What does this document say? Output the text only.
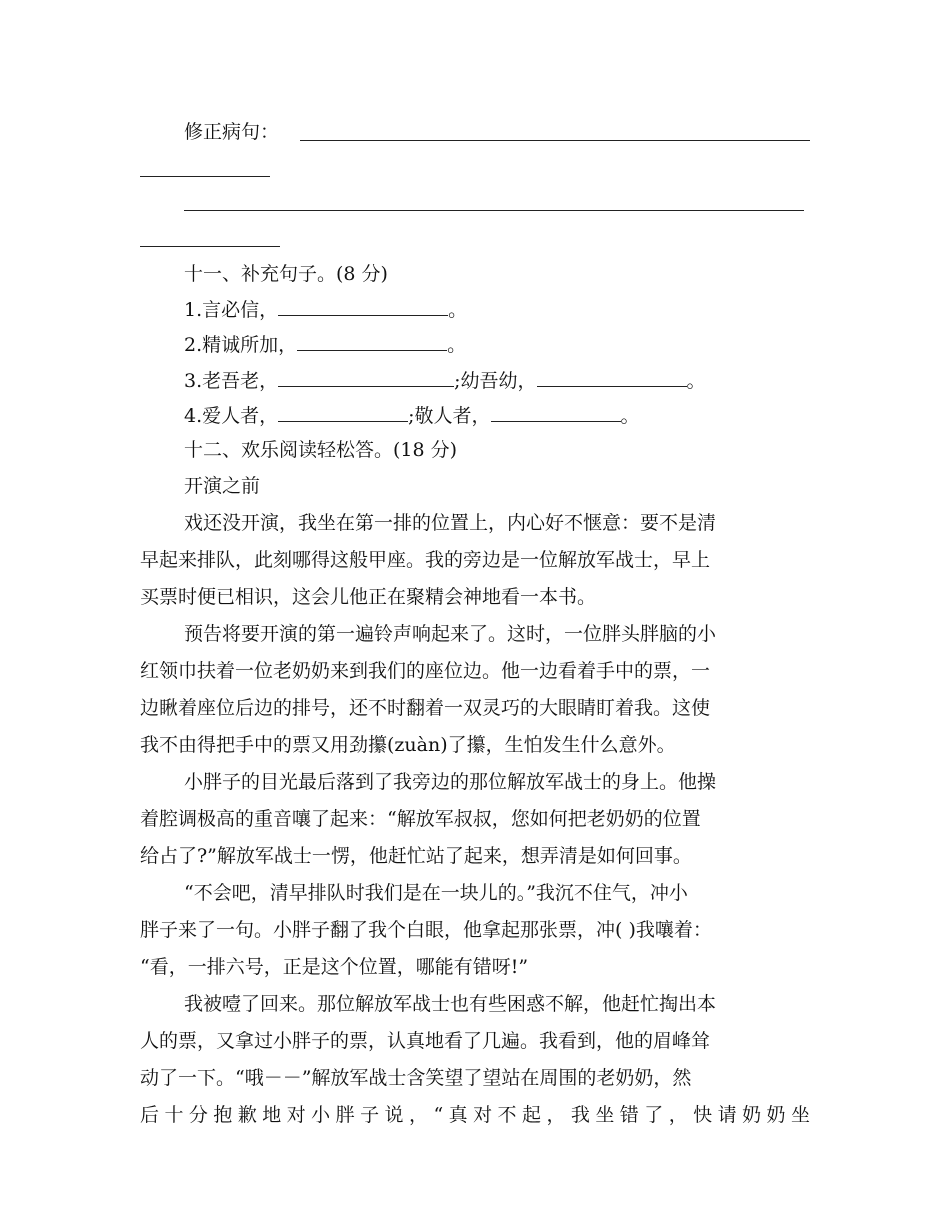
修正病句：
十一、补充句子。(8 分)
1.言必信，	。
2.精诚所加，	。
3.老吾老，	;幼吾幼，	。
4.爱人者，	;敬人者，	。
十二、欢乐阅读轻松答。(18 分)
开演之前
戏还没开演，我坐在第一排的位置上，内心好不惬意：要不是清
早起来排队，此刻哪得这般甲座。我的旁边是一位解放军战士，早上
买票时便已相识，这会儿他正在聚精会神地看一本书。
预告将要开演的第一遍铃声响起来了。这时，一位胖头胖脑的小
红领巾扶着一位老奶奶来到我们的座位边。他一边看着手中的票，一
边瞅着座位后边的排号，还不时翻着一双灵巧的大眼睛盯着我。这使
我不由得把手中的票又用劲攥(zuàn)了攥，生怕发生什么意外。
小胖子的目光最后落到了我旁边的那位解放军战士的身上。他操
着腔调极高的重音嚷了起来：“解放军叔叔，您如何把老奶奶的位置
给占了?”解放军战士一愣，他赶忙站了起来，想弄清是如何回事。
“不会吧，清早排队时我们是在一块儿的。”我沉不住气，冲小
胖子来了一句。小胖子翻了我个白眼，他拿起那张票，冲( )我嚷着：
“看，一排六号，正是这个位置，哪能有错呀!”
我被噎了回来。那位解放军战士也有些困惑不解，他赶忙掏出本
人的票，又拿过小胖子的票，认真地看了几遍。我看到，他的眉峰耸
动了一下。“哦－－”解放军战士含笑望了望站在周围的老奶奶，然
后十分抱歉地对小胖子说，“真对不起，我坐错了，快请奶奶坐
